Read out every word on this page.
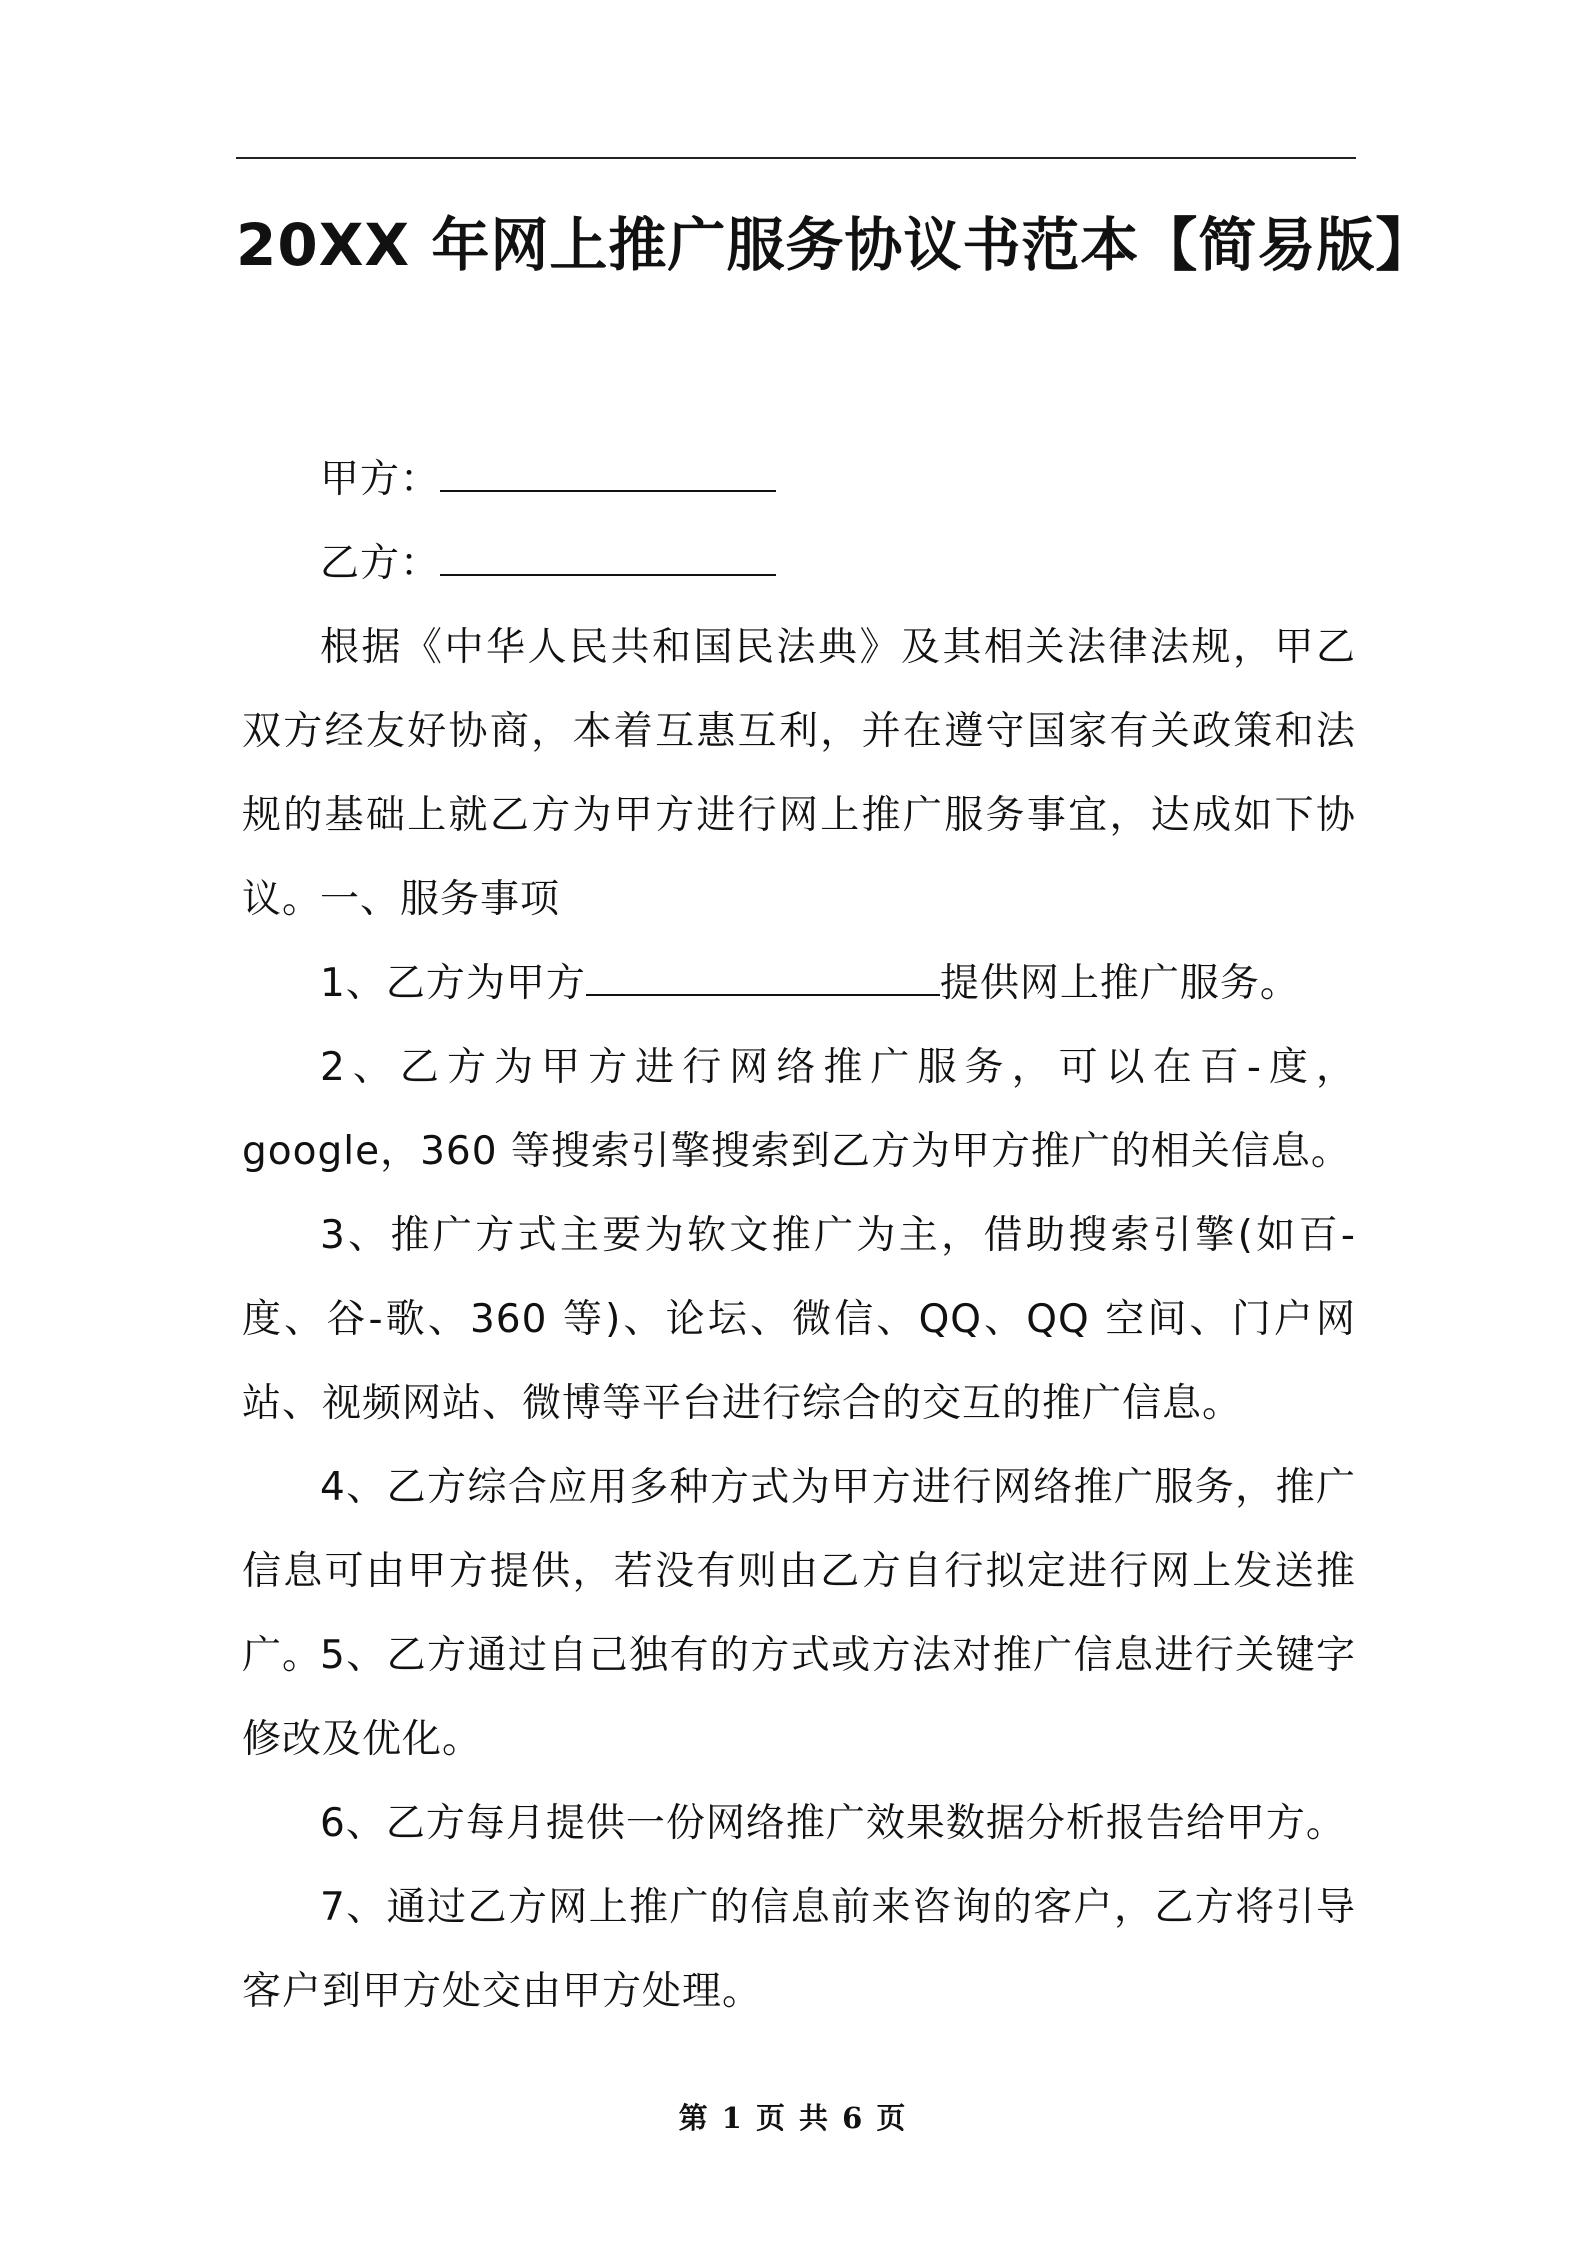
20XX 年网上推广服务协议书范本【简易版】
甲方：
乙方：
根据《中华人民共和国民法典》及其相关法律法规，甲乙双方经友好协商，本着互惠互利，并在遵守国家有关政策和法规的基础上就乙方为甲方进行网上推广服务事宜，达成如下协议。
一、服务事项
1、乙方为甲方	提供网上推广服务。
2、乙方为甲方进行网络推广服务，可以在百-度，google，360 等搜索引擎搜索到乙方为甲方推广的相关信息。
3、推广方式主要为软文推广为主，借助搜索引擎(如百-度、谷-歌、360 等)、论坛、微信、QQ、QQ 空间、门户网站、视频网站、微博等平台进行综合的交互的推广信息。
4、乙方综合应用多种方式为甲方进行网络推广服务，推广信息可由甲方提供，若没有则由乙方自行拟定进行网上发送推广。
5、乙方通过自己独有的方式或方法对推广信息进行关键字修改及优化。
6、乙方每月提供一份网络推广效果数据分析报告给甲方。
7、通过乙方网上推广的信息前来咨询的客户，乙方将引导客户到甲方处交由甲方处理。
第 1 页 共 6 页
